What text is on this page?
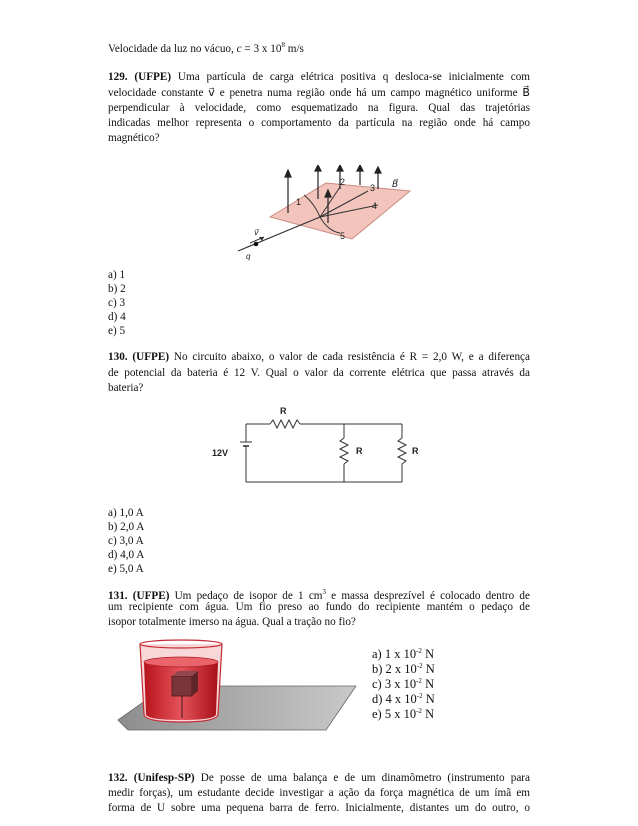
Velocidade da luz no vácuo, c = 3 x $10^8$ m/s
129. (UFPE) Uma partícula de carga elétrica positiva q desloca-se inicialmente com
velocidade constante v⃗ e penetra numa região onde há um campo magnético uniforme B⃗
perpendicular à velocidade, como esquematizado na figura. Qual das trajetórias
indicadas melhor representa o comportamento da partícula na região onde há campo
magnético?
1
2
3
4
5
B⃗
v⃗
q
a) 1
b) 2
c) 3
d) 4
e) 5
130. (UFPE) No circuito abaixo, o valor de cada resistência é R = 2,0 W, e a diferença
de potencial da bateria é 12 V. Qual o valor da corrente elétrica que passa através da
bateria?
12V
R
R	R
a) 1,0 A
b) 2,0 A
c) 3,0 A
d) 4,0 A
e) 5,0 A
131. (UFPE) Um pedaço de isopor de 1 $cm^3$ e massa desprezível é colocado dentro de
um recipiente com água. Um fio preso ao fundo do recipiente mantém o pedaço de
isopor totalmente imerso na água. Qual a tração no fio?
a) 1 x $10^{-2}$ N
b) 2 x $10^{-2}$ N
c) 3 x $10^{-2}$ N
d) 4 x $10^{-2}$ N
e) 5 x $10^{-2}$ N
132. (Unifesp-SP) De posse de uma balança e de um dinamômetro (instrumento para
medir forças), um estudante decide investigar a ação da força magnética de um ímã em
forma de U sobre uma pequena barra de ferro. Inicialmente, distantes um do outro, o
